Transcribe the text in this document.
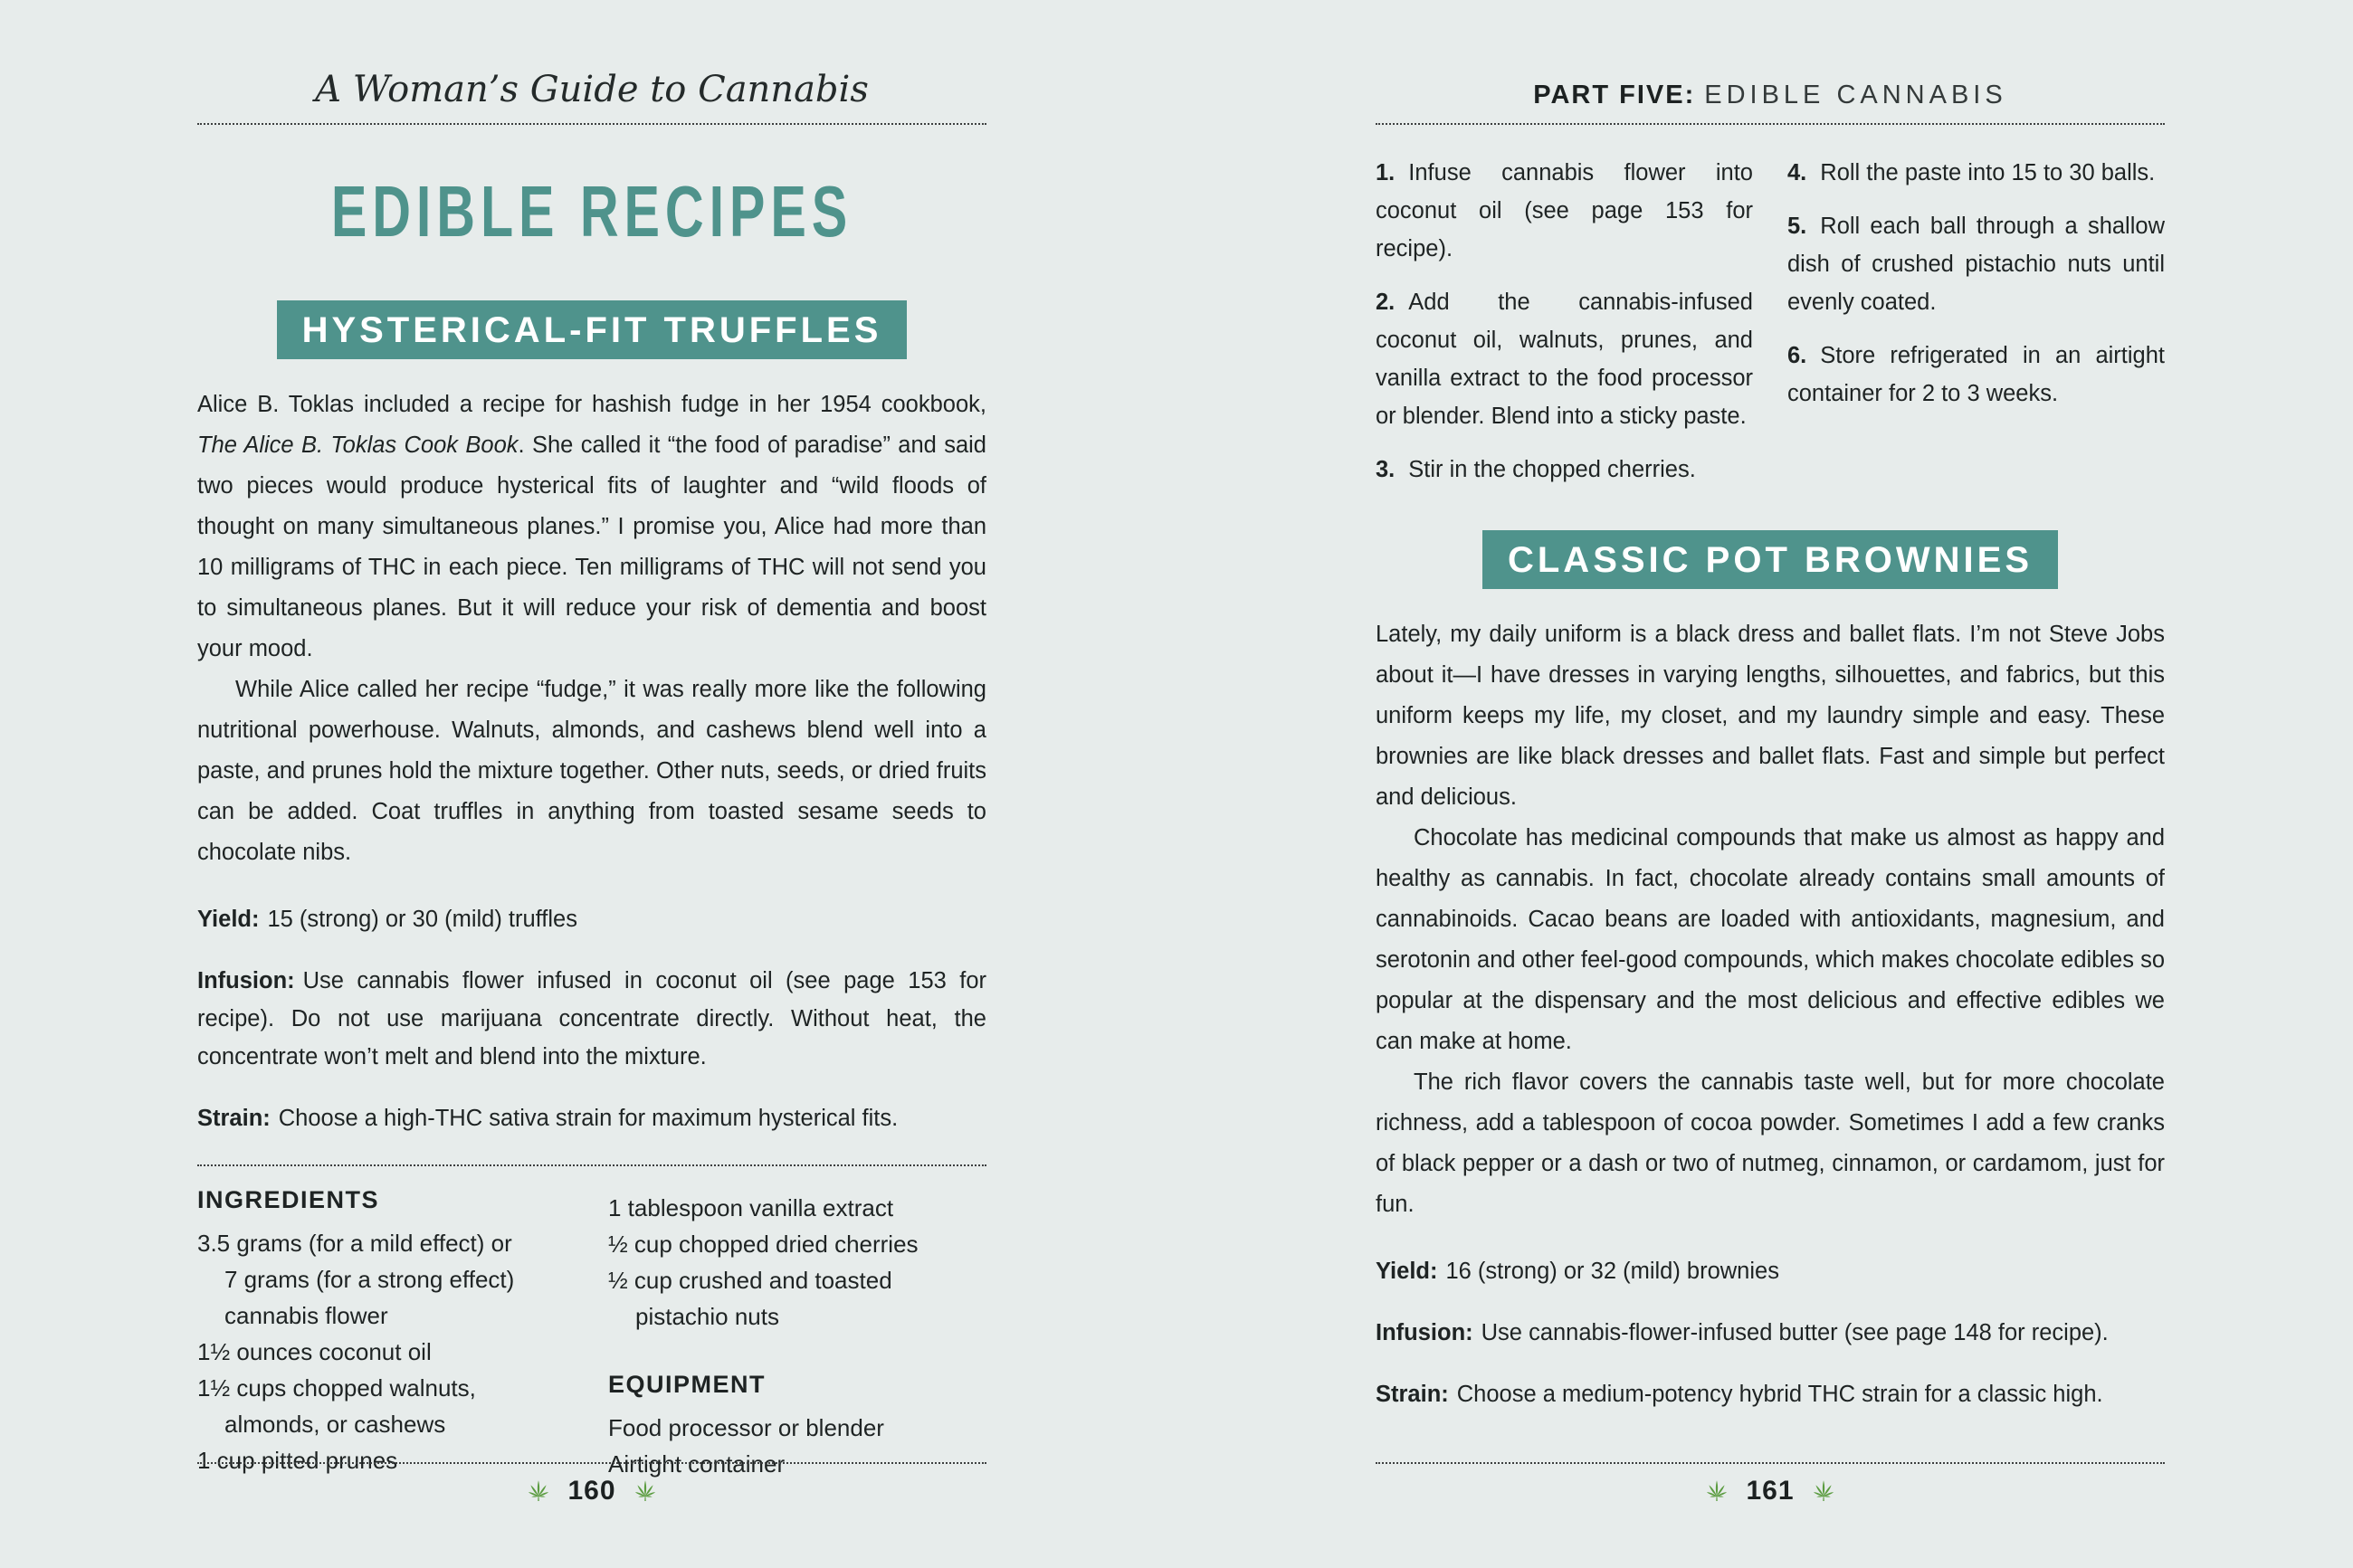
A Woman’s Guide to Cannabis
EDIBLE RECIPES
HYSTERICAL-FIT TRUFFLES

Alice B. Toklas included a recipe for hashish fudge in her 1954 cookbook, The Alice B. Toklas Cook Book. She called it “the food of paradise” and said two pieces would produce hysterical fits of laughter and “wild floods of thought on many simultaneous planes.” I promise you, Alice had more than 10 milligrams of THC in each piece. Ten milligrams of THC will not send you to simultaneous planes. But it will reduce your risk of dementia and boost your mood.

While Alice called her recipe “fudge,” it was really more like the following nutritional powerhouse. Walnuts, almonds, and cashews blend well into a paste, and prunes hold the mixture together. Other nuts, seeds, or dried fruits can be added. Coat truffles in anything from toasted sesame seeds to chocolate nibs.

Yield: 15 (strong) or 30 (mild) truffles

Infusion: Use cannabis flower infused in coconut oil (see page 153 for recipe). Do not use marijuana concentrate directly. Without heat, the concentrate won’t melt and blend into the mixture.

Strain: Choose a high-THC sativa strain for maximum hysterical fits.

INGREDIENTS

3.5 grams (for a mild effect) or

7 grams (for a strong effect)

cannabis flower

1½ ounces coconut oil

1½ cups chopped walnuts,

almonds, or cashews

1 cup pitted prunes

1 tablespoon vanilla extract

½ cup chopped dried cherries

½ cup crushed and toasted

pistachio nuts

EQUIPMENT

Food processor or blender

Airtight container

160
PART FIVE: EDIBLE CANNABIS

1. Infuse cannabis flower into coconut oil (see page 153 for recipe).

2. Add the cannabis-infused coconut oil, walnuts, prunes, and vanilla extract to the food processor or blender. Blend into a sticky paste.

3. Stir in the chopped cherries.

4. Roll the paste into 15 to 30 balls.

5. Roll each ball through a shallow dish of crushed pistachio nuts until evenly coated.

6. Store refrigerated in an airtight container for 2 to 3 weeks.

CLASSIC POT BROWNIES

Lately, my daily uniform is a black dress and ballet flats. I’m not Steve Jobs about it—I have dresses in varying lengths, silhouettes, and fabrics, but this uniform keeps my life, my closet, and my laundry simple and easy. These brownies are like black dresses and ballet flats. Fast and simple but perfect and delicious.

Chocolate has medicinal compounds that make us almost as happy and healthy as cannabis. In fact, chocolate already contains small amounts of cannabinoids. Cacao beans are loaded with antioxidants, magnesium, and serotonin and other feel-good compounds, which makes chocolate edibles so popular at the dispensary and the most delicious and effective edibles we can make at home.

The rich flavor covers the cannabis taste well, but for more chocolate richness, add a tablespoon of cocoa powder. Sometimes I add a few cranks of black pepper or a dash or two of nutmeg, cinnamon, or cardamom, just for fun.

Yield: 16 (strong) or 32 (mild) brownies

Infusion: Use cannabis-flower-infused butter (see page 148 for recipe).

Strain: Choose a medium-potency hybrid THC strain for a classic high.

161
